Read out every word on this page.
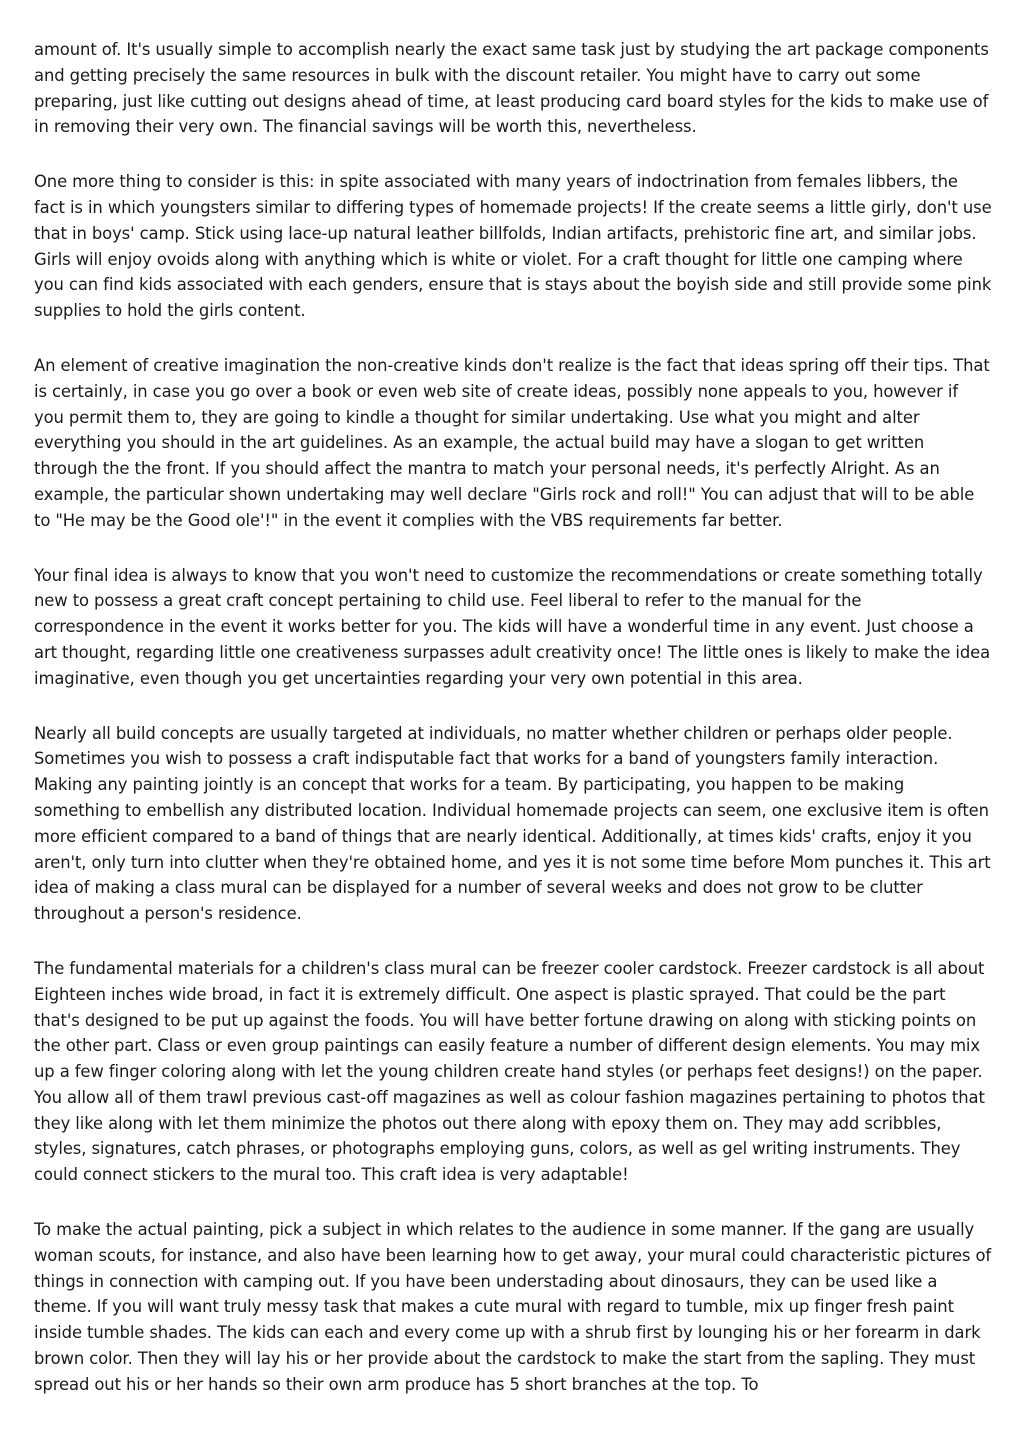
amount of. It's usually simple to accomplish nearly the exact same task just by studying the art package components and getting precisely the same resources in bulk with the discount retailer. You might have to carry out some preparing, just like cutting out designs ahead of time, at least producing card board styles for the kids to make use of in removing their very own. The financial savings will be worth this, nevertheless.

One more thing to consider is this: in spite associated with many years of indoctrination from females libbers, the fact is in which youngsters similar to differing types of homemade projects! If the create seems a little girly, don't use that in boys' camp. Stick using lace-up natural leather billfolds, Indian artifacts, prehistoric fine art, and similar jobs. Girls will enjoy ovoids along with anything which is white or violet. For a craft thought for little one camping where you can find kids associated with each genders, ensure that is stays about the boyish side and still provide some pink supplies to hold the girls content.

An element of creative imagination the non-creative kinds don't realize is the fact that ideas spring off their tips. That is certainly, in case you go over a book or even web site of create ideas, possibly none appeals to you, however if you permit them to, they are going to kindle a thought for similar undertaking. Use what you might and alter everything you should in the art guidelines. As an example, the actual build may have a slogan to get written through the the front. If you should affect the mantra to match your personal needs, it's perfectly Alright. As an example, the particular shown undertaking may well declare "Girls rock and roll!" You can adjust that will to be able to "He may be the Good ole'!" in the event it complies with the VBS requirements far better.

Your final idea is always to know that you won't need to customize the recommendations or create something totally new to possess a great craft concept pertaining to child use. Feel liberal to refer to the manual for the correspondence in the event it works better for you. The kids will have a wonderful time in any event. Just choose a art thought, regarding little one creativeness surpasses adult creativity once! The little ones is likely to make the idea imaginative, even though you get uncertainties regarding your very own potential in this area.

Nearly all build concepts are usually targeted at individuals, no matter whether children or perhaps older people. Sometimes you wish to possess a craft indisputable fact that works for a band of youngsters family interaction. Making any painting jointly is an concept that works for a team. By participating, you happen to be making something to embellish any distributed location. Individual homemade projects can seem, one exclusive item is often more efficient compared to a band of things that are nearly identical. Additionally, at times kids' crafts, enjoy it you aren't, only turn into clutter when they're obtained home, and yes it is not some time before Mom punches it. This art idea of making a class mural can be displayed for a number of several weeks and does not grow to be clutter throughout a person's residence.

The fundamental materials for a children's class mural can be freezer cooler cardstock. Freezer cardstock is all about Eighteen inches wide broad, in fact it is extremely difficult. One aspect is plastic sprayed. That could be the part that's designed to be put up against the foods. You will have better fortune drawing on along with sticking points on the other part. Class or even group paintings can easily feature a number of different design elements. You may mix up a few finger coloring along with let the young children create hand styles (or perhaps feet designs!) on the paper. You allow all of them trawl previous cast-off magazines as well as colour fashion magazines pertaining to photos that they like along with let them minimize the photos out there along with epoxy them on. They may add scribbles, styles, signatures, catch phrases, or photographs employing guns, colors, as well as gel writing instruments. They could connect stickers to the mural too. This craft idea is very adaptable!

To make the actual painting, pick a subject in which relates to the audience in some manner. If the gang are usually woman scouts, for instance, and also have been learning how to get away, your mural could characteristic pictures of things in connection with camping out. If you have been understading about dinosaurs, they can be used like a theme. If you will want truly messy task that makes a cute mural with regard to tumble, mix up finger fresh paint inside tumble shades. The kids can each and every come up with a shrub first by lounging his or her forearm in dark brown color. Then they will lay his or her provide about the cardstock to make the start from the sapling. They must spread out his or her hands so their own arm produce has 5 short branches at the top. To
